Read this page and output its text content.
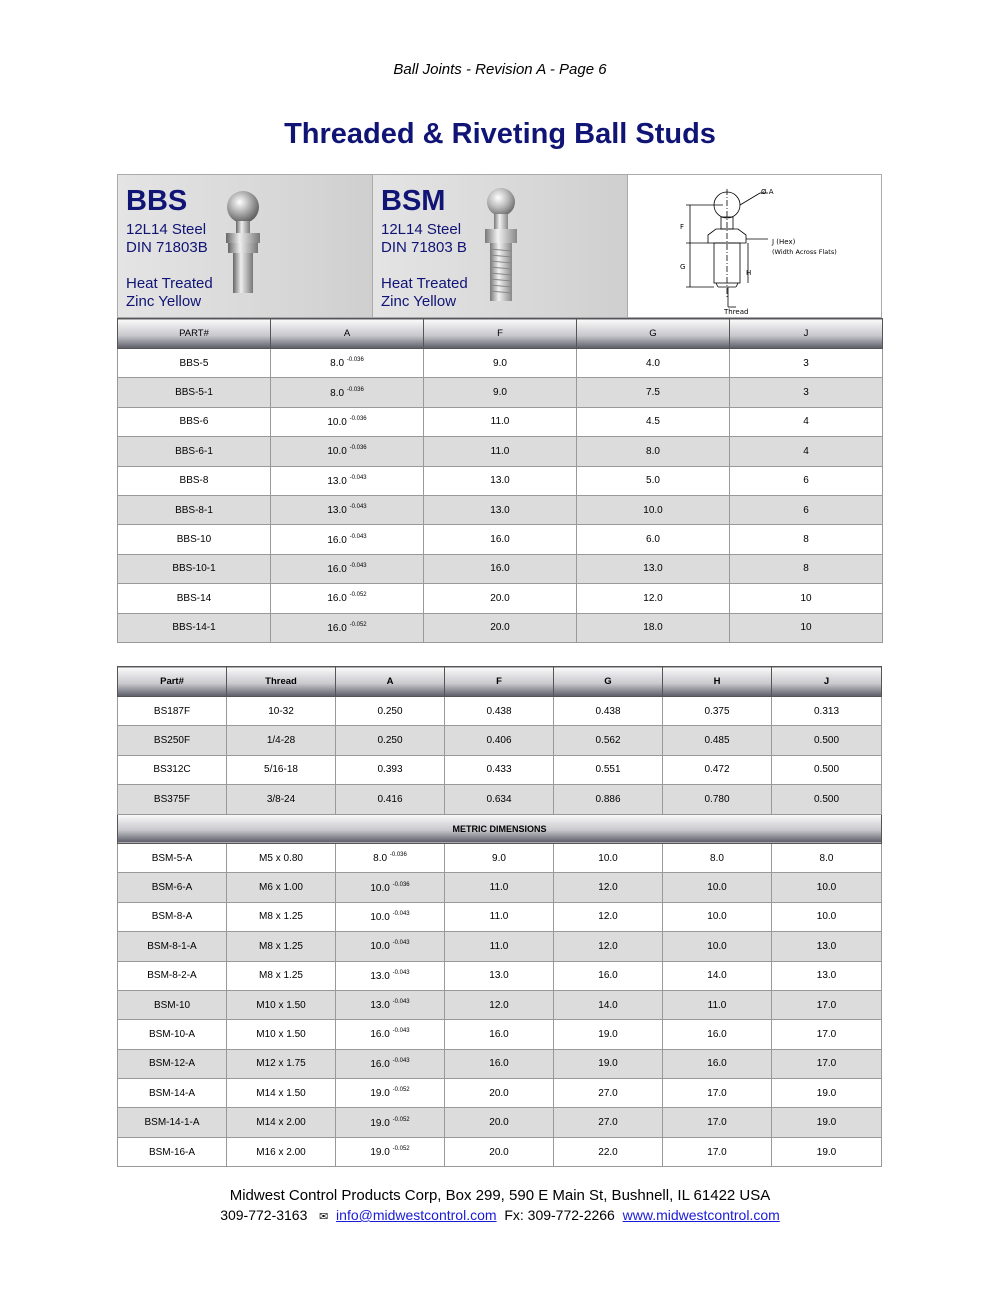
Ball Joints - Revision A - Page 6
Threaded & Riveting Ball Studs
BBS
12L14 Steel
DIN 71803B
Heat Treated
Zinc Yellow
BSM
12L14 Steel
DIN 71803 B
Heat Treated
Zinc Yellow
Ø A
J (Hex)
(Width Across Flats)
F
G
H
Thread
PART#	A	F	G	J
BBS-5	8.0 $^{-0.036}$	9.0	4.0	3
BBS-5-1	8.0 $^{-0.036}$	9.0	7.5	3
BBS-6	10.0 $^{-0.036}$	11.0	4.5	4
BBS-6-1	10.0 $^{-0.036}$	11.0	8.0	4
BBS-8	13.0 $^{-0.043}$	13.0	5.0	6
BBS-8-1	13.0 $^{-0.043}$	13.0	10.0	6
BBS-10	16.0 $^{-0.043}$	16.0	6.0	8
BBS-10-1	16.0 $^{-0.043}$	16.0	13.0	8
BBS-14	16.0 $^{-0.052}$	20.0	12.0	10
BBS-14-1	16.0 $^{-0.052}$	20.0	18.0	10
Part#	Thread	A	F	G	H	J
BS187F	10-32	0.250	0.438	0.438	0.375	0.313
BS250F	1/4-28	0.250	0.406	0.562	0.485	0.500
BS312C	5/16-18	0.393	0.433	0.551	0.472	0.500
BS375F	3/8-24	0.416	0.634	0.886	0.780	0.500
METRIC DIMENSIONS						
BSM-5-A	M5 x 0.80	8.0 $^{-0.036}$	9.0	10.0	8.0	8.0
BSM-6-A	M6 x 1.00	10.0 $^{-0.036}$	11.0	12.0	10.0	10.0
BSM-8-A	M8 x 1.25	10.0 $^{-0.043}$	11.0	12.0	10.0	10.0
BSM-8-1-A	M8 x 1.25	10.0 $^{-0.043}$	11.0	12.0	10.0	13.0
BSM-8-2-A	M8 x 1.25	13.0 $^{-0.043}$	13.0	16.0	14.0	13.0
BSM-10	M10 x 1.50	13.0 $^{-0.043}$	12.0	14.0	11.0	17.0
BSM-10-A	M10 x 1.50	16.0 $^{-0.043}$	16.0	19.0	16.0	17.0
BSM-12-A	M12 x 1.75	16.0 $^{-0.043}$	16.0	19.0	16.0	17.0
BSM-14-A	M14 x 1.50	19.0 $^{-0.052}$	20.0	27.0	17.0	19.0
BSM-14-1-A	M14 x 2.00	19.0 $^{-0.052}$	20.0	27.0	17.0	19.0
BSM-16-A	M16 x 2.00	19.0 $^{-0.052}$	20.0	22.0	17.0	19.0
Midwest Control Products Corp, Box 299, 590 E Main St, Bushnell, IL 61422 USA
309-772-3163 ✉ info@midwestcontrol.com Fx: 309-772-2266 www.midwestcontrol.com
